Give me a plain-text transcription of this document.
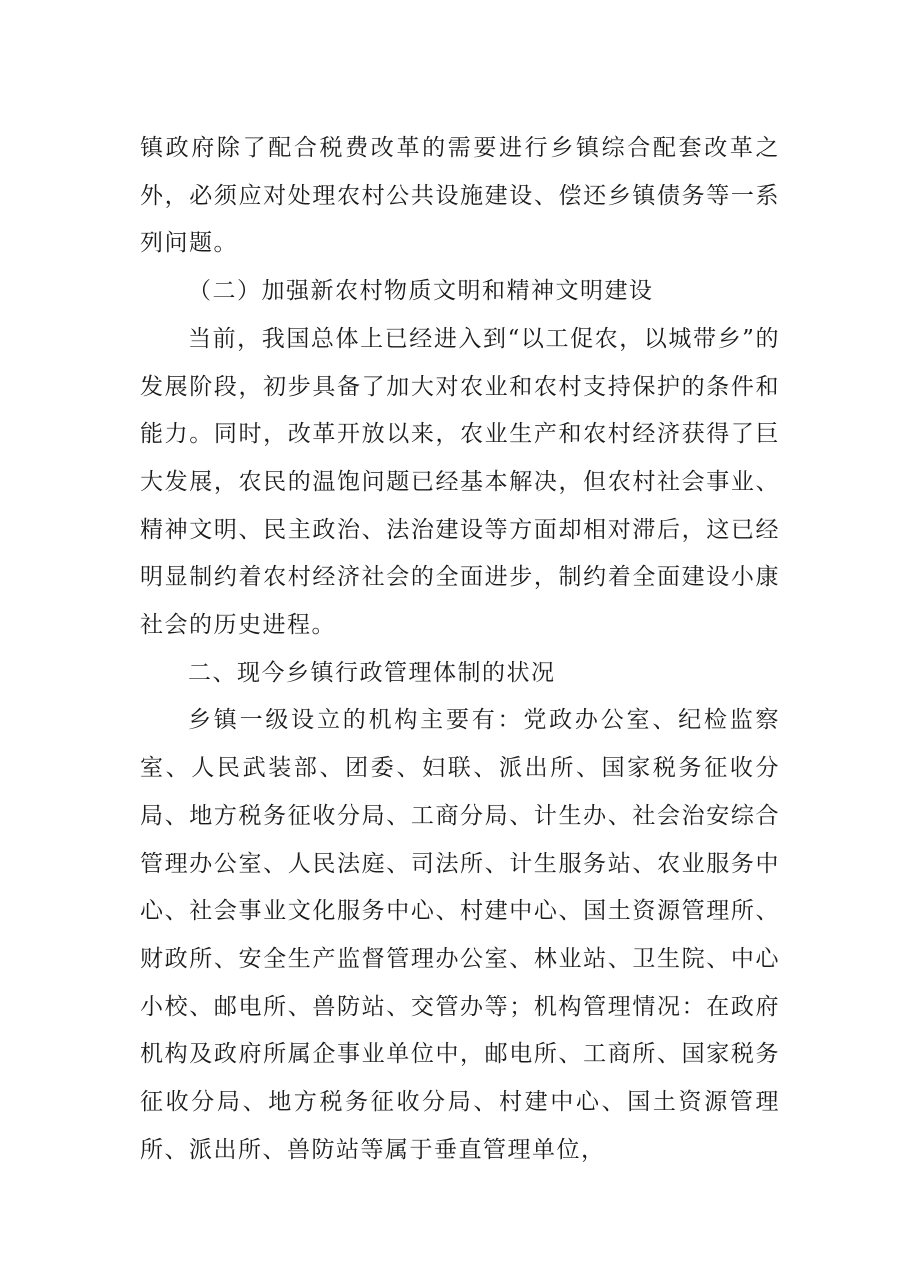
镇政府除了配合税费改革的需要进行乡镇综合配套改革之外，必须应对处理农村公共设施建设、偿还乡镇债务等一系列问题。

（二）加强新农村物质文明和精神文明建设

当前，我国总体上已经进入到“以工促农，以城带乡”的发展阶段，初步具备了加大对农业和农村支持保护的条件和能力。同时，改革开放以来，农业生产和农村经济获得了巨大发展，农民的温饱问题已经基本解决，但农村社会事业、精神文明、民主政治、法治建设等方面却相对滞后，这已经明显制约着农村经济社会的全面进步，制约着全面建设小康社会的历史进程。

二、现今乡镇行政管理体制的状况

乡镇一级设立的机构主要有：党政办公室、纪检监察室、人民武装部、团委、妇联、派出所、国家税务征收分局、地方税务征收分局、工商分局、计生办、社会治安综合管理办公室、人民法庭、司法所、计生服务站、农业服务中心、社会事业文化服务中心、村建中心、国土资源管理所、财政所、安全生产监督管理办公室、林业站、卫生院、中心小校、邮电所、兽防站、交管办等；机构管理情况：在政府机构及政府所属企事业单位中，邮电所、工商所、国家税务征收分局、地方税务征收分局、村建中心、国土资源管理所、派出所、兽防站等属于垂直管理单位，
